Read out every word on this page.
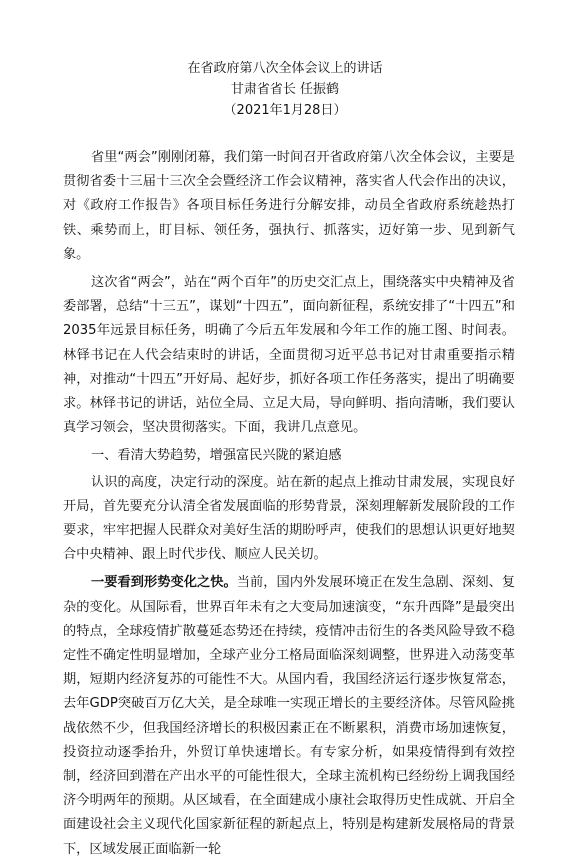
在省政府第八次全体会议上的讲话
甘肃省省长 任振鹤
（2021年1月28日）

省里“两会”刚刚闭幕，我们第一时间召开省政府第八次全体会议，主要是贯彻省委十三届十三次全会暨经济工作会议精神，落实省人代会作出的决议，对《政府工作报告》各项目标任务进行分解安排，动员全省政府系统趁热打铁、乘势而上，盯目标、领任务，强执行、抓落实，迈好第一步、见到新气象。

这次省“两会”，站在“两个百年”的历史交汇点上，围绕落实中央精神及省委部署，总结“十三五”，谋划“十四五”，面向新征程，系统安排了“十四五”和2035年远景目标任务，明确了今后五年发展和今年工作的施工图、时间表。林铎书记在人代会结束时的讲话，全面贯彻习近平总书记对甘肃重要指示精神，对推动“十四五”开好局、起好步，抓好各项工作任务落实，提出了明确要求。林铎书记的讲话，站位全局、立足大局，导向鲜明、指向清晰，我们要认真学习领会，坚决贯彻落实。下面，我讲几点意见。

一、看清大势趋势，增强富民兴陇的紧迫感

认识的高度，决定行动的深度。站在新的起点上推动甘肃发展，实现良好开局，首先要充分认清全省发展面临的形势背景，深刻理解新发展阶段的工作要求，牢牢把握人民群众对美好生活的期盼呼声，使我们的思想认识更好地契合中央精神、跟上时代步伐、顺应人民关切。

一要看到形势变化之快。当前，国内外发展环境正在发生急剧、深刻、复杂的变化。从国际看，世界百年未有之大变局加速演变，“东升西降”是最突出的特点，全球疫情扩散蔓延态势还在持续，疫情冲击衍生的各类风险导致不稳定性不确定性明显增加，全球产业分工格局面临深刻调整，世界进入动荡变革期，短期内经济复苏的可能性不大。从国内看，我国经济运行逐步恢复常态，去年GDP突破百万亿大关，是全球唯一实现正增长的主要经济体。尽管风险挑战依然不少，但我国经济增长的积极因素正在不断累积，消费市场加速恢复，投资拉动逐季抬升，外贸订单快速增长。有专家分析，如果疫情得到有效控制，经济回到潜在产出水平的可能性很大，全球主流机构已经纷纷上调我国经济今明两年的预期。从区域看，在全面建成小康社会取得历史性成就、开启全面建设社会主义现代化国家新征程的新起点上，特别是构建新发展格局的背景下，区域发展正面临新一轮
